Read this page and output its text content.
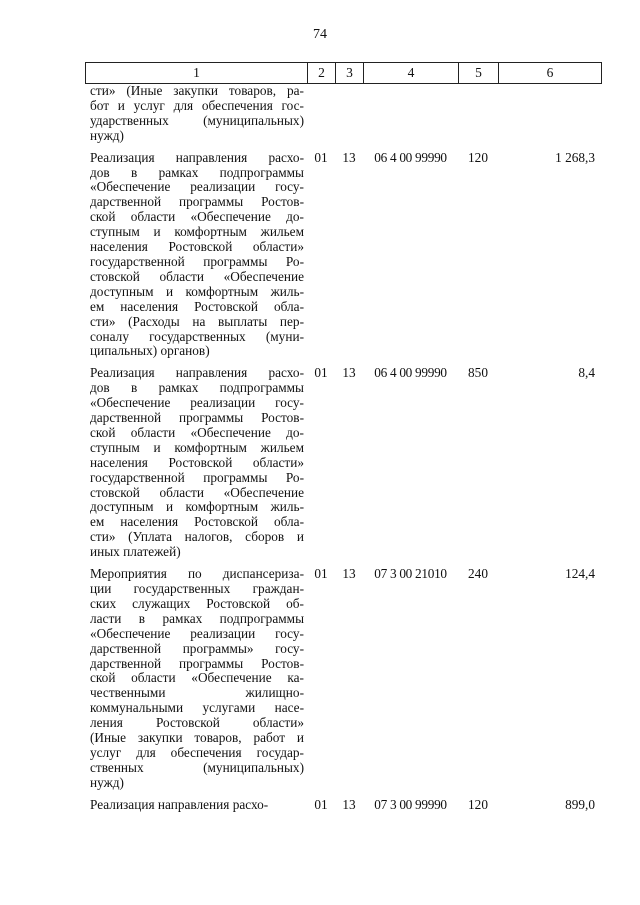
74
1	2	3	4	5	6
сти» (Иные закупки товаров, ра-
бот и услуг для обеспечения гос-
ударственных (муниципальных)
нужд)
Реализация направления расхо-
дов в рамках подпрограммы
«Обеспечение реализации госу-
дарственной программы Ростов-
ской области «Обеспечение до-
ступным и комфортным жильем
населения Ростовской области»
государственной программы Ро-
стовской области «Обеспечение
доступным и комфортным жиль-
ем населения Ростовской обла-
сти» (Расходы на выплаты пер-
соналу государственных (муни-
ципальных) органов)
01	13	06 4 00 99990	120	1 268,3
Реализация направления расхо-
дов в рамках подпрограммы
«Обеспечение реализации госу-
дарственной программы Ростов-
ской области «Обеспечение до-
ступным и комфортным жильем
населения Ростовской области»
государственной программы Ро-
стовской области «Обеспечение
доступным и комфортным жиль-
ем населения Ростовской обла-
сти» (Уплата налогов, сборов и
иных платежей)
01	13	06 4 00 99990	850	8,4
Мероприятия по диспансеризa-
ции государственных граждан-
ских служащих Ростовской об-
ласти в рамках подпрограммы
«Обеспечение реализации госу-
дарственной программы» госу-
дарственной программы Ростов-
ской области «Обеспечение ка-
чественными жилищно-
коммунальными услугами насе-
ления Ростовской области»
(Иные закупки товаров, работ и
услуг для обеспечения государ-
ственных (муниципальных)
нужд)
01	13	07 3 00 21010	240	124,4
Реализация направления расхо-	01	13	07 3 00 99990	120	899,0
